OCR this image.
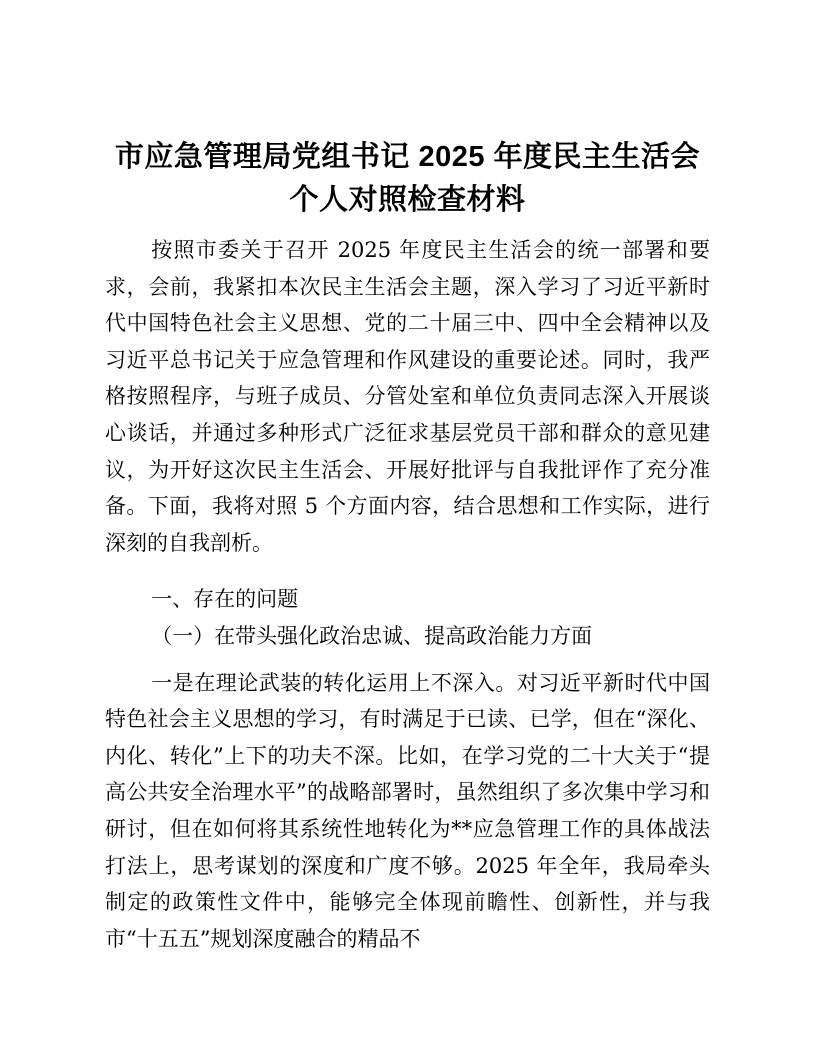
市应急管理局党组书记 2025 年度民主生活会个人对照检查材料

按照市委关于召开 2025 年度民主生活会的统一部署和要求，会前，我紧扣本次民主生活会主题，深入学习了习近平新时代中国特色社会主义思想、党的二十届三中、四中全会精神以及习近平总书记关于应急管理和作风建设的重要论述。同时，我严格按照程序，与班子成员、分管处室和单位负责同志深入开展谈心谈话，并通过多种形式广泛征求基层党员干部和群众的意见建议，为开好这次民主生活会、开展好批评与自我批评作了充分准备。下面，我将对照 5 个方面内容，结合思想和工作实际，进行深刻的自我剖析。

一、存在的问题

（一）在带头强化政治忠诚、提高政治能力方面

一是在理论武装的转化运用上不深入。对习近平新时代中国特色社会主义思想的学习，有时满足于已读、已学，但在“深化、内化、转化”上下的功夫不深。比如，在学习党的二十大关于“提高公共安全治理水平”的战略部署时，虽然组织了多次集中学习和研讨，但在如何将其系统性地转化为**应急管理工作的具体战法打法上，思考谋划的深度和广度不够。2025 年全年，我局牵头制定的政策性文件中，能够完全体现前瞻性、创新性，并与我市“十五五”规划深度融合的精品不
